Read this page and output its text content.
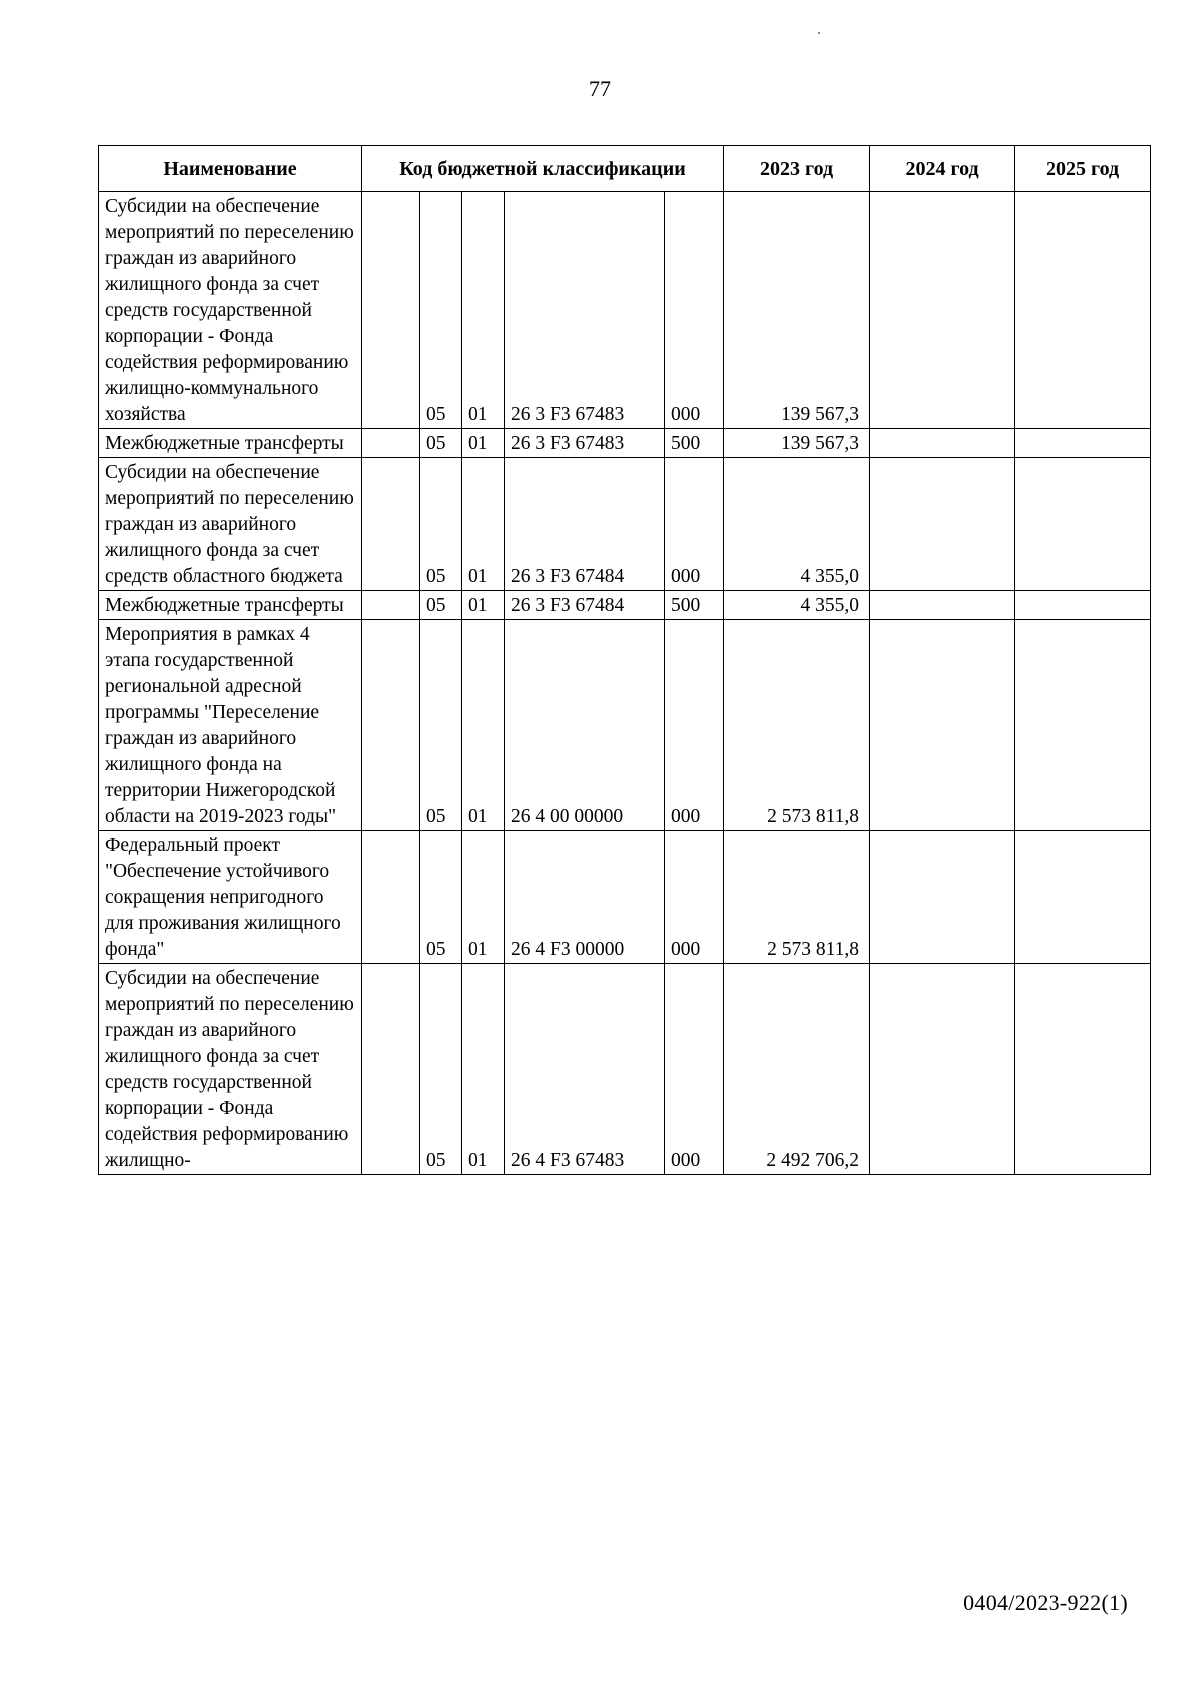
77
Наименование	Код бюджетной классификации					2023 год	2024 год	2025 год
Субсидии на обеспечение мероприятий по переселению граждан из аварийного жилищного фонда за счет средств государственной корпорации - Фонда содействия реформированию жилищно-коммунального хозяйства		05	01	26 3 F3 67483	000	139 567,3		
Межбюджетные трансферты		05	01	26 3 F3 67483	500	139 567,3		
Субсидии на обеспечение мероприятий по переселению граждан из аварийного жилищного фонда за счет средств областного бюджета		05	01	26 3 F3 67484	000	4 355,0		
Межбюджетные трансферты		05	01	26 3 F3 67484	500	4 355,0		
Мероприятия в рамках 4 этапа государственной региональной адресной программы "Переселение граждан из аварийного жилищного фонда на территории Нижегородской области на 2019-2023 годы"		05	01	26 4 00 00000	000	2 573 811,8		
Федеральный проект "Обеспечение устойчивого сокращения непригодного для проживания жилищного фонда"		05	01	26 4 F3 00000	000	2 573 811,8		
Субсидии на обеспечение мероприятий по переселению граждан из аварийного жилищного фонда за счет средств государственной корпорации - Фонда содействия реформированию жилищно-		05	01	26 4 F3 67483	000	2 492 706,2		
0404/2023-922(1)
